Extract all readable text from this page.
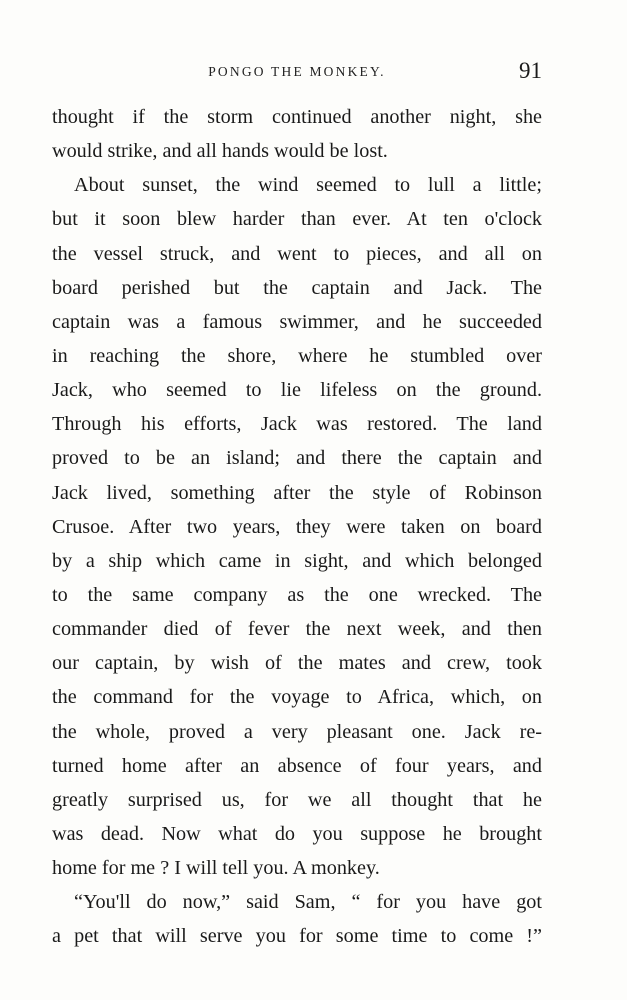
PONGO THE MONKEY.	91
thought if the storm continued another night, she
would strike, and all hands would be lost.
About sunset, the wind seemed to lull a little;
but it soon blew harder than ever. At ten o'clock
the vessel struck, and went to pieces, and all on
board perished but the captain and Jack. The
captain was a famous swimmer, and he succeeded
in reaching the shore, where he stumbled over
Jack, who seemed to lie lifeless on the ground.
Through his efforts, Jack was restored. The land
proved to be an island; and there the captain and
Jack lived, something after the style of Robinson
Crusoe. After two years, they were taken on board
by a ship which came in sight, and which belonged
to the same company as the one wrecked. The
commander died of fever the next week, and then
our captain, by wish of the mates and crew, took
the command for the voyage to Africa, which, on
the whole, proved a very pleasant one. Jack re-
turned home after an absence of four years, and
greatly surprised us, for we all thought that he
was dead. Now what do you suppose he brought
home for me ? I will tell you. A monkey.
“You'll do now,” said Sam, “ for you have got
a pet that will serve you for some time to come !”
